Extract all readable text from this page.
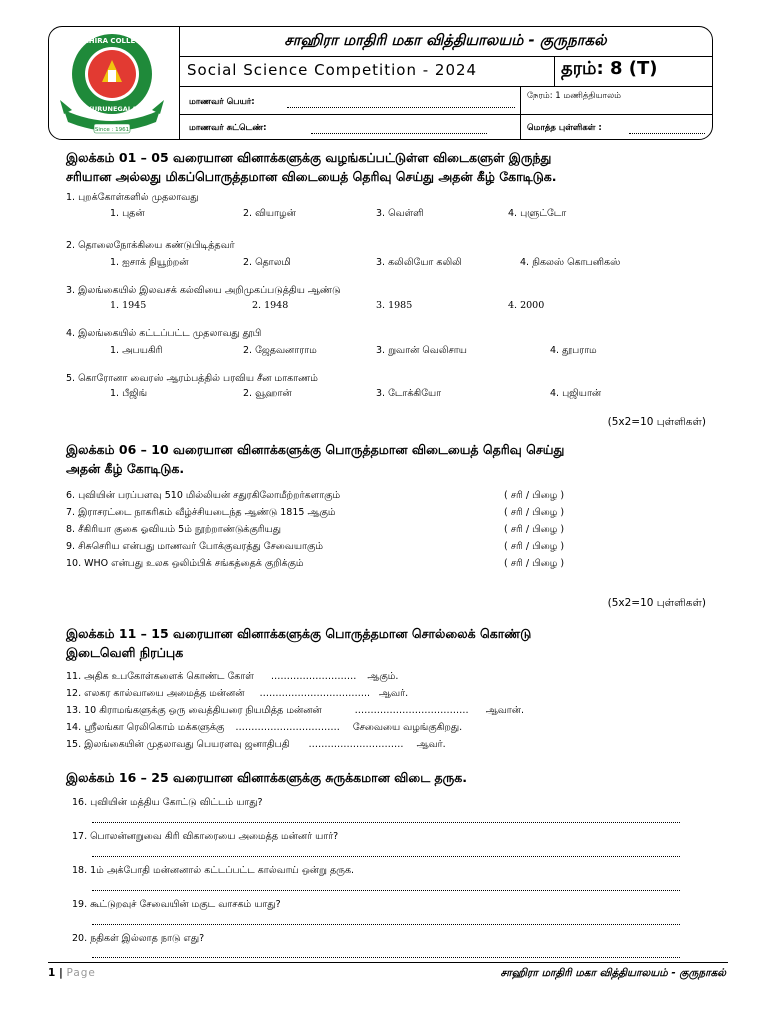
சாஹிரா மாதிரி மகா வித்தியாலயம் - குருநாகல்
Social Science Competition - 2024	தரம்: 8 (T)
மாணவர் பெயர்:
நேரம்: 1 மணித்தியாலம்
மாணவர் சுட்டெண்:	மொத்த புள்ளிகள் :
Since : 1961
ZAHIRA COLLEGE
KURUNEGALA
இலக்கம் 01 – 05 வரையான வினாக்களுக்கு வழங்கப்பட்டுள்ள விடைகளுள் இருந்து
சரியான அல்லது மிகப்பொருத்தமான விடையைத் தெரிவு செய்து அதன் கீழ் கோடிடுக.
1. புறக்கோள்களில் முதலாவது
1. புதன்	2. வியாழன்	3. வெள்ளி	4. புளுட்டோ
2. தொலைநோக்கியை கண்டுபிடித்தவர்
1. ஐசாக் நியூற்றன்	2. தொலமி	3. கலிலியோ கலிலி	4. நிகலஸ் கொபனிகஸ்
3. இலங்கையில் இலவசக் கல்வியை அறிமுகப்படுத்திய ஆண்டு
1. 1945	2. 1948	3. 1985	4. 2000
4. இலங்கையில் கட்டப்பட்ட முதலாவது தூபி
1. அபயகிரி	2. ஜேதவனாராம	3. றுவான் வெலிசாய	4. தூபராம
5. கொரோனா வைரஸ் ஆரம்பத்தில் பரவிய சீன மாகாணம்
1. பீஜிங்	2. வூஹான்	3. டோக்கியோ	4. புஜியான்
(5x2=10 புள்ளிகள்)
இலக்கம் 06 – 10 வரையான வினாக்களுக்கு பொருத்தமான விடையைத் தெரிவு செய்து
அதன் கீழ் கோடிடுக.
6. புவியின் பரப்பளவு 510 மில்லியன் சதுரகிலோமீற்றர்களாகும்	( சரி / பிழை )
7. இராசரட்டை நாகரிகம் வீழ்ச்சியடைந்த ஆண்டு 1815 ஆகும்	( சரி / பிழை )
8. சீகிரியா குகை ஓவியம் 5ம் நூற்றாண்டுக்குரியது	( சரி / பிழை )
9. சிசுசெரிய என்பது மாணவர் போக்குவரத்து சேவையாகும்	( சரி / பிழை )
10. WHO என்பது உலக ஒலிம்பிக் சங்கத்தைக் குறிக்கும்	( சரி / பிழை )
(5x2=10 புள்ளிகள்)
இலக்கம் 11 – 15 வரையான வினாக்களுக்கு பொருத்தமான சொல்லைக் கொண்டு
இடைவெளி நிரப்புக
11. அதிக உபகோள்களைக் கொண்ட கோள் ……………………… ஆகும்.
12. எலகர கால்வாயை அமைத்த மன்னன் …………………………….. ஆவர்.
13. 10 கிராமங்களுக்கு ஒரு வைத்தியரை நியமித்த மன்னன்	……………………………… ஆவான்.
14. ஸ்ரீலங்கா ரெலிகொம் மக்களுக்கு …………………………… சேவையை வழங்குகிறது.
15. இலங்கையின் முதலாவது பெயரளவு ஜனாதிபதி ………………………… ஆவர்.
இலக்கம் 16 – 25 வரையான வினாக்களுக்கு சுருக்கமான விடை தருக.
16. புவியின் மத்திய கோட்டு விட்டம் யாது?
17. பொலன்னறுவை கிரி விகாரையை அமைத்த மன்னர் யார்?
18. 1ம் அக்போதி மன்னனால் கட்டப்பட்ட கால்வாய் ஒன்று தருக.
19. கூட்டுறவுச் சேவையின் மகுட வாசகம் யாது?
20. நதிகள் இல்லாத நாடு எது?
1 | Page	சாஹிரா மாதிரி மகா வித்தியாலயம் - குருநாகல்
